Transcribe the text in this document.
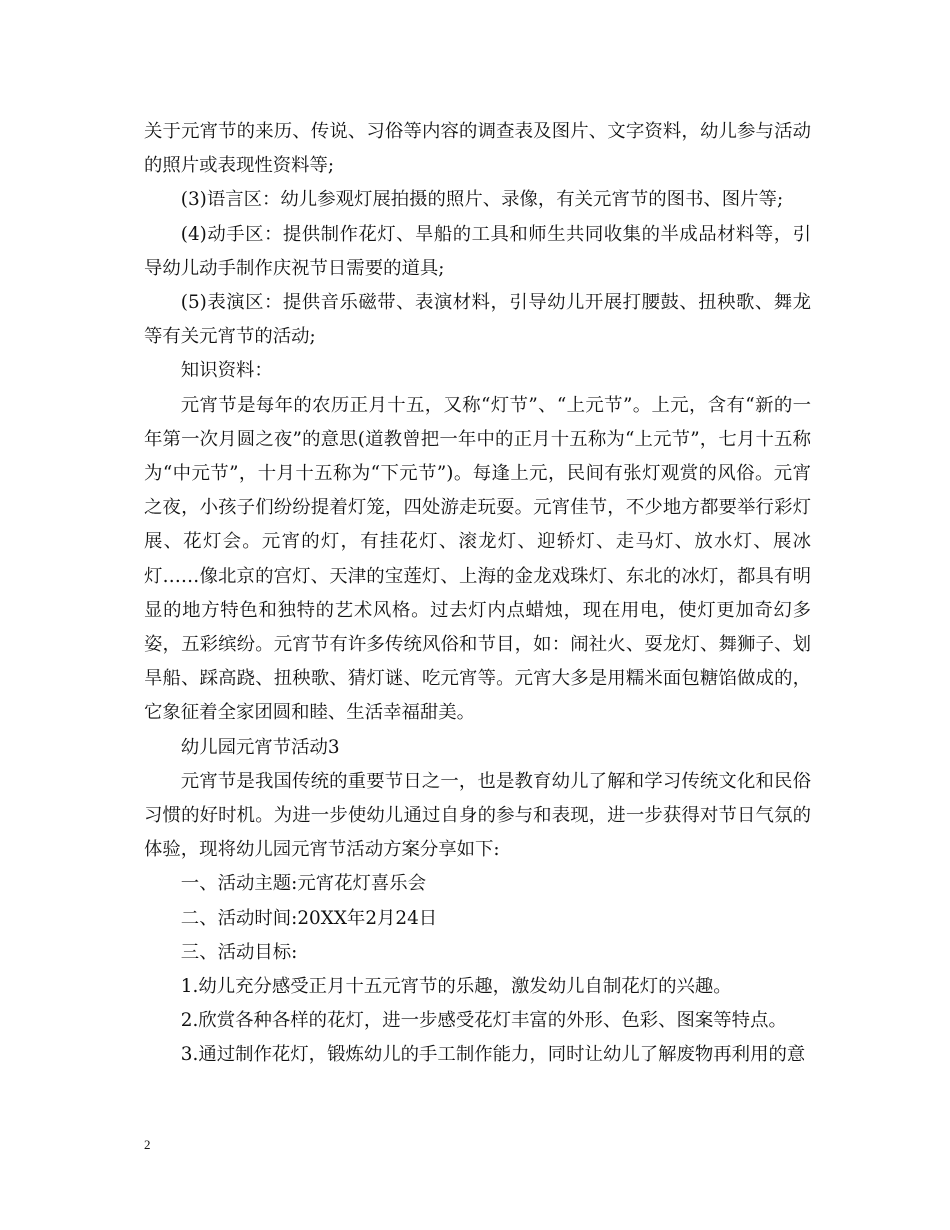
关于元宵节的来历、传说、习俗等内容的调查表及图片、文字资料，幼儿参与活动的照片或表现性资料等;

(3)语言区：幼儿参观灯展拍摄的照片、录像，有关元宵节的图书、图片等;

(4)动手区：提供制作花灯、旱船的工具和师生共同收集的半成品材料等，引导幼儿动手制作庆祝节日需要的道具;

(5)表演区：提供音乐磁带、表演材料，引导幼儿开展打腰鼓、扭秧歌、舞龙等有关元宵节的活动;

知识资料：

元宵节是每年的农历正月十五，又称“灯节”、“上元节”。上元，含有“新的一年第一次月圆之夜”的意思(道教曾把一年中的正月十五称为“上元节”，七月十五称为“中元节”，十月十五称为“下元节”)。每逢上元，民间有张灯观赏的风俗。元宵之夜，小孩子们纷纷提着灯笼，四处游走玩耍。元宵佳节，不少地方都要举行彩灯展、花灯会。元宵的灯，有挂花灯、滚龙灯、迎轿灯、走马灯、放水灯、展冰灯……像北京的宫灯、天津的宝莲灯、上海的金龙戏珠灯、东北的冰灯，都具有明显的地方特色和独特的艺术风格。过去灯内点蜡烛，现在用电，使灯更加奇幻多姿，五彩缤纷。元宵节有许多传统风俗和节目，如：闹社火、耍龙灯、舞狮子、划旱船、踩高跷、扭秧歌、猜灯谜、吃元宵等。元宵大多是用糯米面包糖馅做成的，它象征着全家团圆和睦、生活幸福甜美。

幼儿园元宵节活动3

元宵节是我国传统的重要节日之一，也是教育幼儿了解和学习传统文化和民俗习惯的好时机。为进一步使幼儿通过自身的参与和表现，进一步获得对节日气氛的体验，现将幼儿园元宵节活动方案分享如下:

一、活动主题:元宵花灯喜乐会

二、活动时间:20XX年2月24日

三、活动目标:

1.幼儿充分感受正月十五元宵节的乐趣，激发幼儿自制花灯的兴趣。

2.欣赏各种各样的花灯，进一步感受花灯丰富的外形、色彩、图案等特点。

3.通过制作花灯，锻炼幼儿的手工制作能力，同时让幼儿了解废物再利用的意

2
